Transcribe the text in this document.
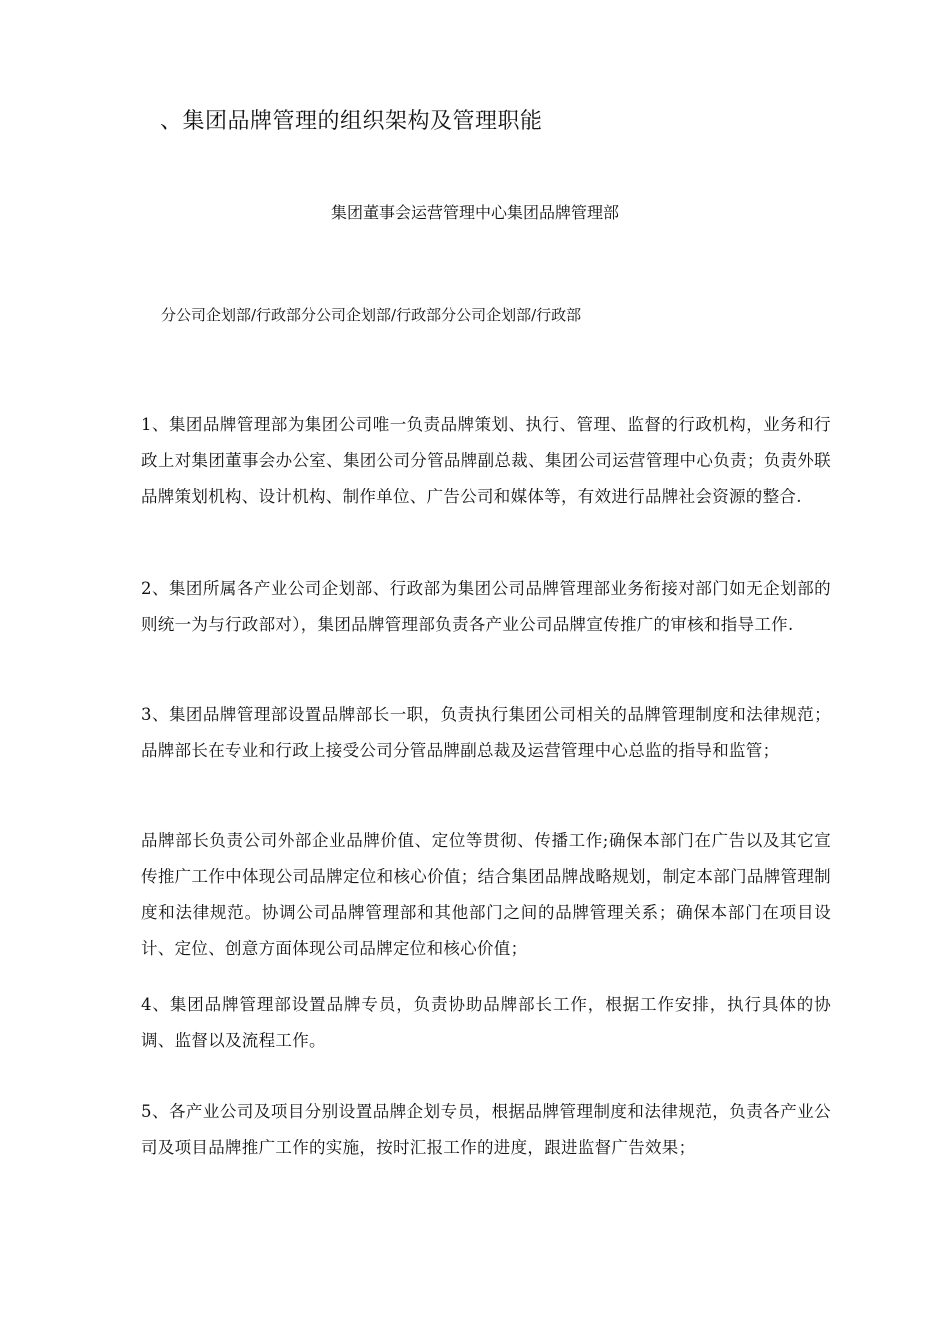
、集团品牌管理的组织架构及管理职能
集团董事会运营管理中心集团品牌管理部
分公司企划部/行政部分公司企划部/行政部分公司企划部/行政部
1、集团品牌管理部为集团公司唯一负责品牌策划、执行、管理、监督的行政机构，业务和行政上对集团董事会办公室、集团公司分管品牌副总裁、集团公司运营管理中心负责；负责外联品牌策划机构、设计机构、制作单位、广告公司和媒体等，有效进行品牌社会资源的整合.
2、集团所属各产业公司企划部、行政部为集团公司品牌管理部业务衔接对部门如无企划部的则统一为与行政部对），集团品牌管理部负责各产业公司品牌宣传推广的审核和指导工作.
3、集团品牌管理部设置品牌部长一职，负责执行集团公司相关的品牌管理制度和法律规范；品牌部长在专业和行政上接受公司分管品牌副总裁及运营管理中心总监的指导和监管；
品牌部长负责公司外部企业品牌价值、定位等贯彻、传播工作;确保本部门在广告以及其它宣传推广工作中体现公司品牌定位和核心价值；结合集团品牌战略规划，制定本部门品牌管理制度和法律规范。协调公司品牌管理部和其他部门之间的品牌管理关系；确保本部门在项目设计、定位、创意方面体现公司品牌定位和核心价值；
4、集团品牌管理部设置品牌专员，负责协助品牌部长工作，根据工作安排，执行具体的协调、监督以及流程工作。
5、各产业公司及项目分别设置品牌企划专员，根据品牌管理制度和法律规范，负责各产业公司及项目品牌推广工作的实施，按时汇报工作的进度，跟进监督广告效果；
